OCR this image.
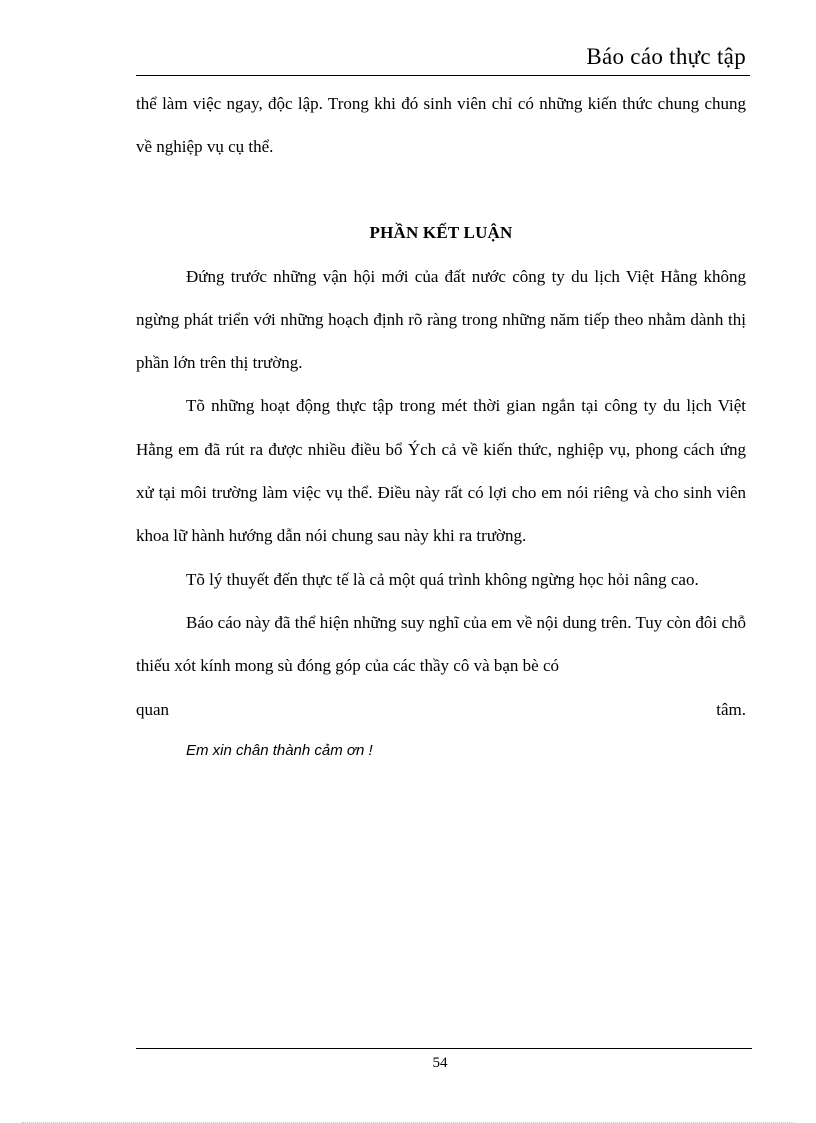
Báo cáo thực tập

thể làm việc ngay, độc lập. Trong khi đó sinh viên chỉ có những kiến thức chung chung về nghiệp vụ cụ thể.

PHẦN KẾT LUẬN

Đứng trước những vận hội mới của đất nước công ty du lịch Việt Hằng không ngừng phát triển với những hoạch định rõ ràng trong những năm tiếp theo nhằm dành thị phần lớn trên thị trường.

Tõ những hoạt động thực tập trong mét thời gian ngắn tại công ty du lịch Việt Hằng em đã rút ra được nhiều điều bổ Ých cả về kiến thức, nghiệp vụ, phong cách ứng xử tại môi trường làm việc vụ thể. Điều này rất có lợi cho em nói riêng và cho sinh viên khoa lữ hành hướng dẫn nói chung sau này khi ra trường.

Tõ lý thuyết đến thực tế là cả một quá trình không ngừng học hỏi nâng cao.

Báo cáo này đã thể hiện những suy nghĩ của em về nội dung trên. Tuy còn đôi chỗ thiếu xót kính mong sù đóng góp của các thầy cô và bạn bè có

quan	tâm.

Em xin chân thành cảm ơn !

54
